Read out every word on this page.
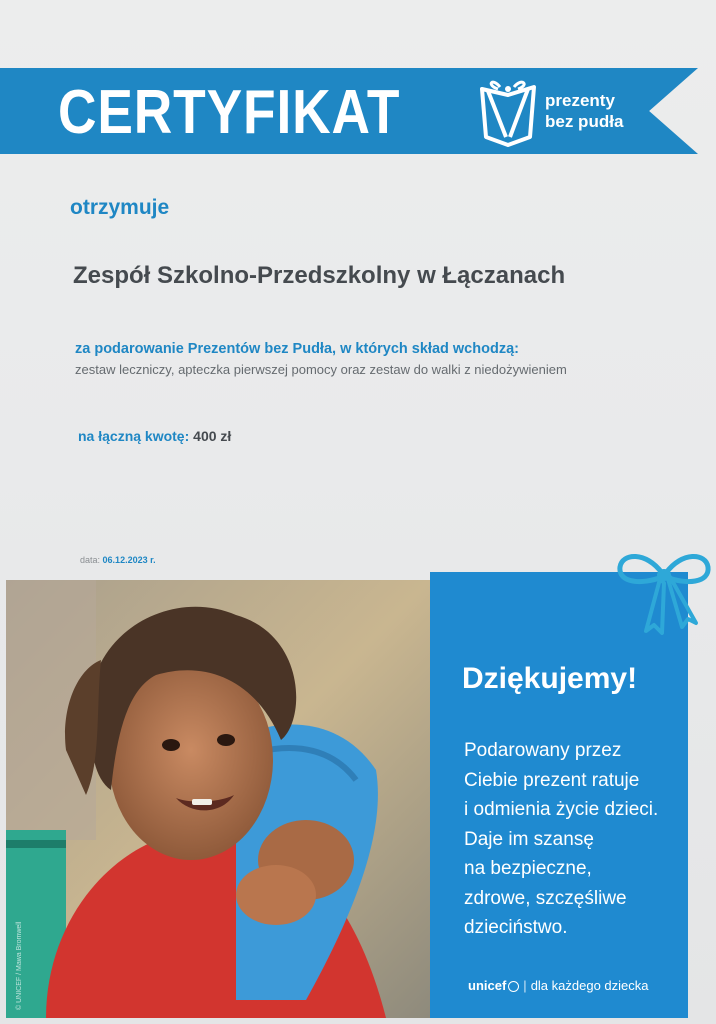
CERTYFIKAT	prezenty
bez pudła
otrzymuje
Zespół Szkolno-Przedszkolny w Łączanach
za podarowanie Prezentów bez Pudła, w których skład wchodzą:
zestaw leczniczy, apteczka pierwszej pomocy oraz zestaw do walki z niedożywieniem
na łączną kwotę: 400 zł
data: 06.12.2023 r.
© UNICEF / Mawa Bromwell
Dziękujemy!
Podarowany przez
Ciebie prezent ratuje
i odmienia życie dzieci.
Daje im szansę
na bezpieczne,
zdrowe, szczęśliwe
dzieciństwo.
unicef | dla każdego dziecka
